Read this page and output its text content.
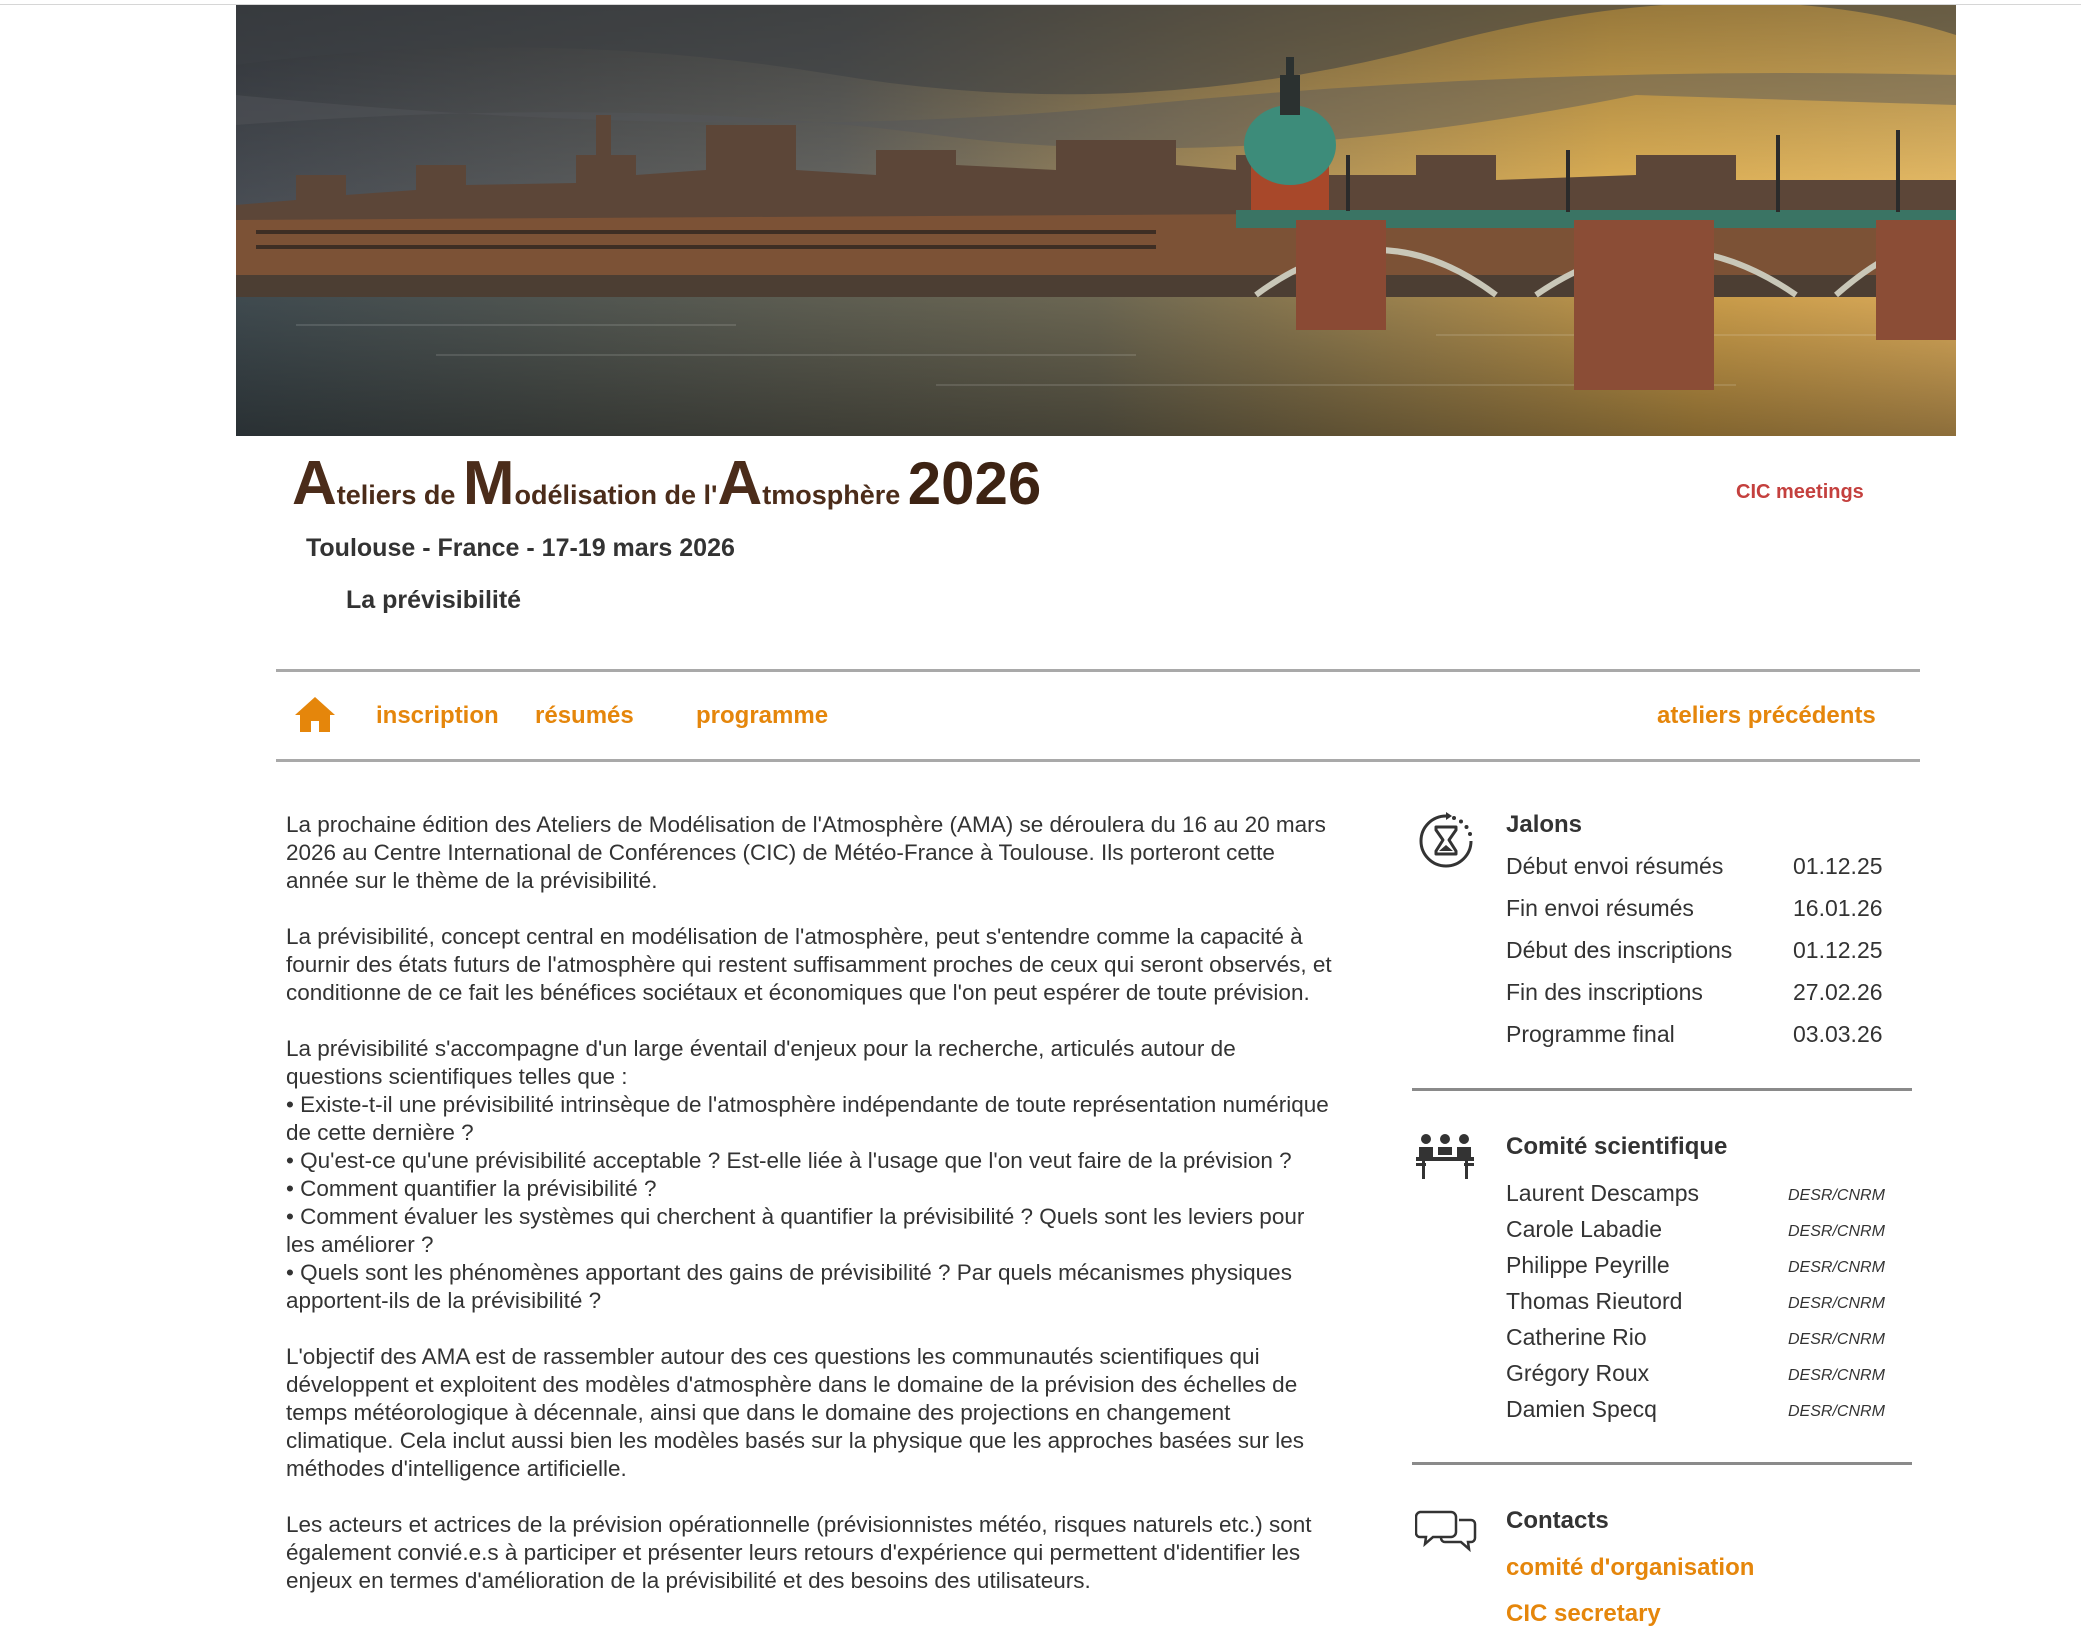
Ateliers de Modélisation de l'Atmosphère 2026

Toulouse - France - 17-19 mars 2026

La prévisibilité

CIC meetings
inscription résumés	programme	ateliers précédents

La prochaine édition des Ateliers de Modélisation de l'Atmosphère (AMA) se déroulera du 16 au 20 mars 2026 au Centre International de Conférences (CIC) de Météo-France à Toulouse. Ils porteront cette année sur le thème de la prévisibilité.

La prévisibilité, concept central en modélisation de l'atmosphère, peut s'entendre comme la capacité à fournir des états futurs de l'atmosphère qui restent suffisamment proches de ceux qui seront observés, et conditionne de ce fait les bénéfices sociétaux et économiques que l'on peut espérer de toute prévision.

La prévisibilité s'accompagne d'un large éventail d'enjeux pour la recherche, articulés autour de questions scientifiques telles que :
• Existe-t-il une prévisibilité intrinsèque de l'atmosphère indépendante de toute représentation numérique de cette dernière ?
• Qu'est-ce qu'une prévisibilité acceptable ? Est-elle liée à l'usage que l'on veut faire de la prévision ?
• Comment quantifier la prévisibilité ?
• Comment évaluer les systèmes qui cherchent à quantifier la prévisibilité ? Quels sont les leviers pour les améliorer ?
• Quels sont les phénomènes apportant des gains de prévisibilité ? Par quels mécanismes physiques apportent-ils de la prévisibilité ?

L'objectif des AMA est de rassembler autour des ces questions les communautés scientifiques qui développent et exploitent des modèles d'atmosphère dans le domaine de la prévision des échelles de temps météorologique à décennale, ainsi que dans le domaine des projections en changement climatique. Cela inclut aussi bien les modèles basés sur la physique que les approches basées sur les méthodes d'intelligence artificielle.

Les acteurs et actrices de la prévision opérationnelle (prévisionnistes météo, risques naturels etc.) sont également convié.e.s à participer et présenter leurs retours d'expérience qui permettent d'identifier les enjeux en termes d'amélioration de la prévisibilité et des besoins des utilisateurs.

Jalons
Début envoi résumés	01.12.25
Fin envoi résumés	16.01.26
Début des inscriptions	01.12.25
Fin des inscriptions	27.02.26
Programme final	03.03.26
Comité scientifique
Laurent Descamps	DESR/CNRM
Carole Labadie	DESR/CNRM
Philippe Peyrille	DESR/CNRM
Thomas Rieutord	DESR/CNRM
Catherine Rio	DESR/CNRM
Grégory Roux	DESR/CNRM
Damien Specq	DESR/CNRM
Contacts
comité d'organisation
CIC secretary
